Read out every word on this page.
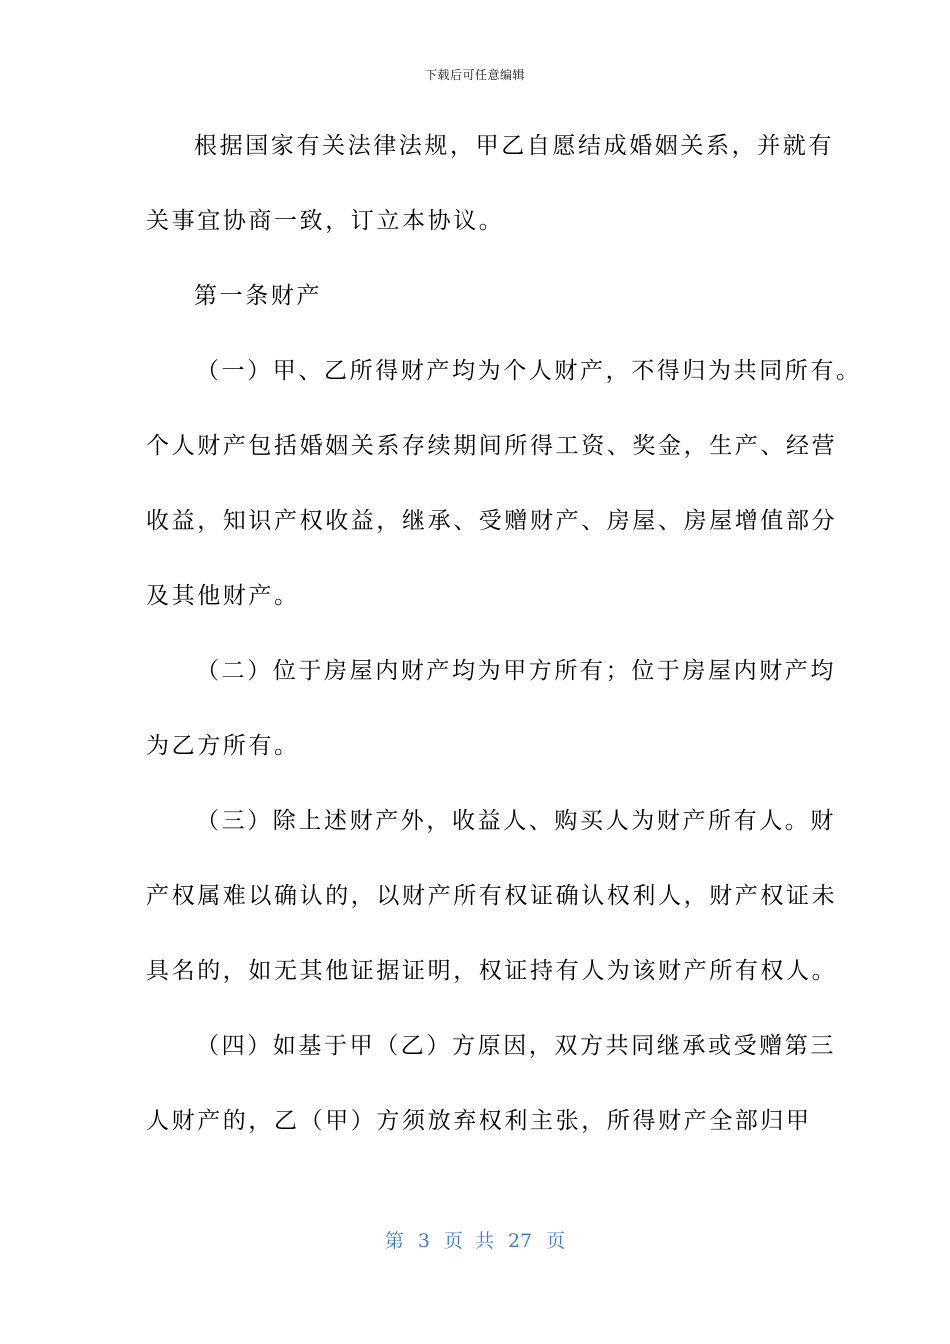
下载后可任意编辑
根据国家有关法律法规，甲乙自愿结成婚姻关系，并就有
关事宜协商一致，订立本协议。
第一条财产
（一）甲、乙所得财产均为个人财产，不得归为共同所有。
个人财产包括婚姻关系存续期间所得工资、奖金，生产、经营
收益，知识产权收益，继承、受赠财产、房屋、房屋增值部分
及其他财产。
（二）位于房屋内财产均为甲方所有；位于房屋内财产均
为乙方所有。
（三）除上述财产外，收益人、购买人为财产所有人。财
产权属难以确认的，以财产所有权证确认权利人，财产权证未
具名的，如无其他证据证明，权证持有人为该财产所有权人。
（四）如基于甲（乙）方原因，双方共同继承或受赠第三
人财产的，乙（甲）方须放弃权利主张，所得财产全部归甲
第 3 页 共 27 页
